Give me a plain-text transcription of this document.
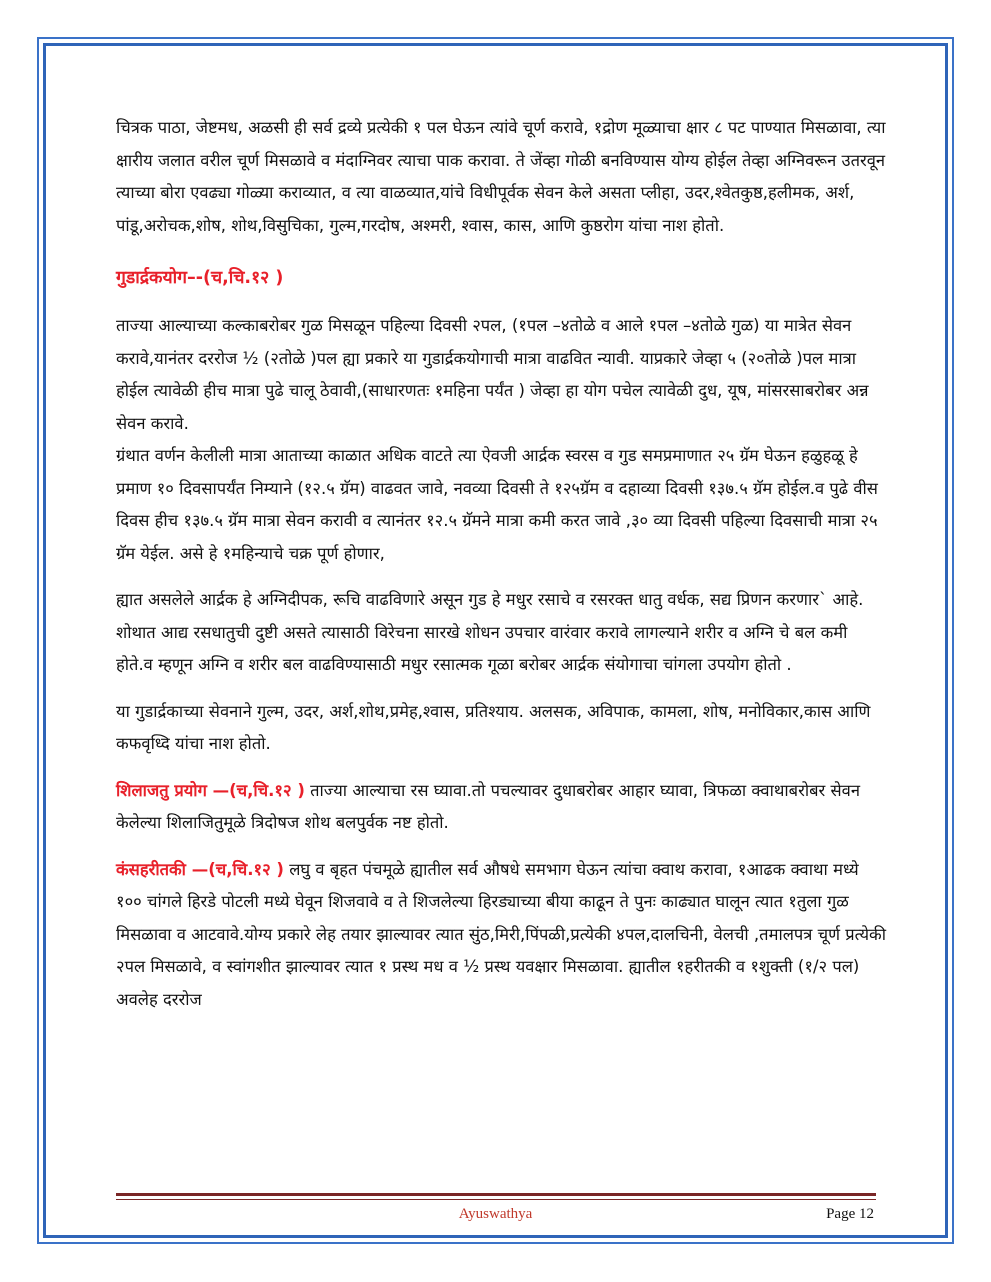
चित्रक पाठा, जेष्टमध, अळसी ही सर्व द्रव्ये प्रत्येकी १ पल घेऊन त्यांवे चूर्ण करावे, १द्रोण मूळ्याचा क्षार ८ पट पाण्यात मिसळावा, त्या क्षारीय जलात वरील चूर्ण मिसळावे व मंदाग्निवर त्याचा पाक करावा. ते जेंव्हा गोळी बनविण्यास योग्य होईल तेव्हा अग्निवरून उतरवून त्याच्या बोरा एवढ्या गोळ्या कराव्यात, व त्या वाळव्यात,यांचे विधीपूर्वक सेवन केले असता प्लीहा, उदर,श्वेतकुष्ठ,हलीमक, अर्श, पांडू,अरोचक,शोष, शोथ,विसुचिका, गुल्म,गरदोष, अश्मरी, श्वास, कास, आणि कुष्ठरोग यांचा नाश होतो.

गुडार्द्रकयोग–-(च,चि.१२ )

ताज्या आल्याच्या कल्काबरोबर गुळ मिसळून पहिल्या दिवसी २पल, (१पल –४तोळे व आले १पल –४तोळे गुळ) या मात्रेत सेवन करावे,यानंतर दररोज ½ (२तोळे )पल ह्या प्रकारे या गुडार्द्रकयोगाची मात्रा वाढवित न्यावी. याप्रकारे जेव्हा ५ (२०तोळे )पल मात्रा होईल त्यावेळी हीच मात्रा पुढे चालू ठेवावी,(साधारणतः १महिना पर्यंत ) जेव्हा हा योग पचेल त्यावेळी दुध, यूष, मांसरसाबरोबर अन्न सेवन करावे.

ग्रंथात वर्णन केलीली मात्रा आताच्या काळात अधिक वाटते त्या ऐवजी आर्द्रक स्वरस व गुड समप्रमाणात २५ ग्रॅम घेऊन हळुहळू हे प्रमाण १० दिवसापर्यंत निम्याने (१२.५ ग्रॅम) वाढवत जावे, नवव्या दिवसी ते १२५ग्रॅम व दहाव्या दिवसी १३७.५ ग्रॅम होईल.व पुढे वीस दिवस हीच १३७.५ ग्रॅम मात्रा सेवन करावी व त्यानंतर १२.५ ग्रॅमने मात्रा कमी करत जावे ,३० व्या दिवसी पहिल्या दिवसाची मात्रा २५ ग्रॅम येईल. असे हे १महिन्याचे चक्र पूर्ण होणार,

ह्यात असलेले आर्द्रक हे अग्निदीपक, रूचि वाढविणारे असून गुड हे मधुर रसाचे व रसरक्त धातु वर्धक, सद्य प्रिणन करणार` आहे. शोथात आद्य रसधातुची दुष्टी असते त्यासाठी विरेचना सारखे शोधन उपचार वारंवार करावे लागल्याने शरीर व अग्नि चे बल कमी होते.व म्हणून अग्नि व शरीर बल वाढविण्यासाठी मधुर रसात्मक गूळा बरोबर आर्द्रक संयोगाचा चांगला उपयोग होतो .

या गुडार्द्रकाच्या सेवनाने गुल्म, उदर, अर्श,शोथ,प्रमेह,श्वास, प्रतिश्याय. अलसक, अविपाक, कामला, शोष, मनोविकार,कास आणि कफवृध्दि यांचा नाश होतो.

शिलाजतु प्रयोग —(च,चि.१२ ) ताज्या आल्याचा रस घ्यावा.तो पचल्यावर दुधाबरोबर आहार घ्यावा, त्रिफळा क्वाथाबरोबर सेवन केलेल्या शिलाजितुमूळे त्रिदोषज शोथ बलपुर्वक नष्ट होतो.

कंसहरीतकी —(च,चि.१२ ) लघु व बृहत पंचमूळे ह्यातील सर्व औषधे समभाग घेऊन त्यांचा क्वाथ करावा, १आढक क्वाथा मध्ये १०० चांगले हिरडे पोटली मध्ये घेवून शिजवावे व ते शिजलेल्या हिरड्याच्या बीया काढून ते पुनः काढ्यात घालून त्यात १तुला गुळ मिसळावा व आटवावे.योग्य प्रकारे लेह तयार झाल्यावर त्यात सुंठ,मिरी,पिंपळी,प्रत्येकी ४पल,दालचिनी, वेलची ,तमालपत्र चूर्ण प्रत्येकी २पल मिसळावे, व स्वांगशीत झाल्यावर त्यात १ प्रस्थ मध व ½ प्रस्थ यवक्षार मिसळावा. ह्यातील १हरीतकी व १शुक्ती (१/२ पल) अवलेह दररोज

Ayuswathya	Page 12
